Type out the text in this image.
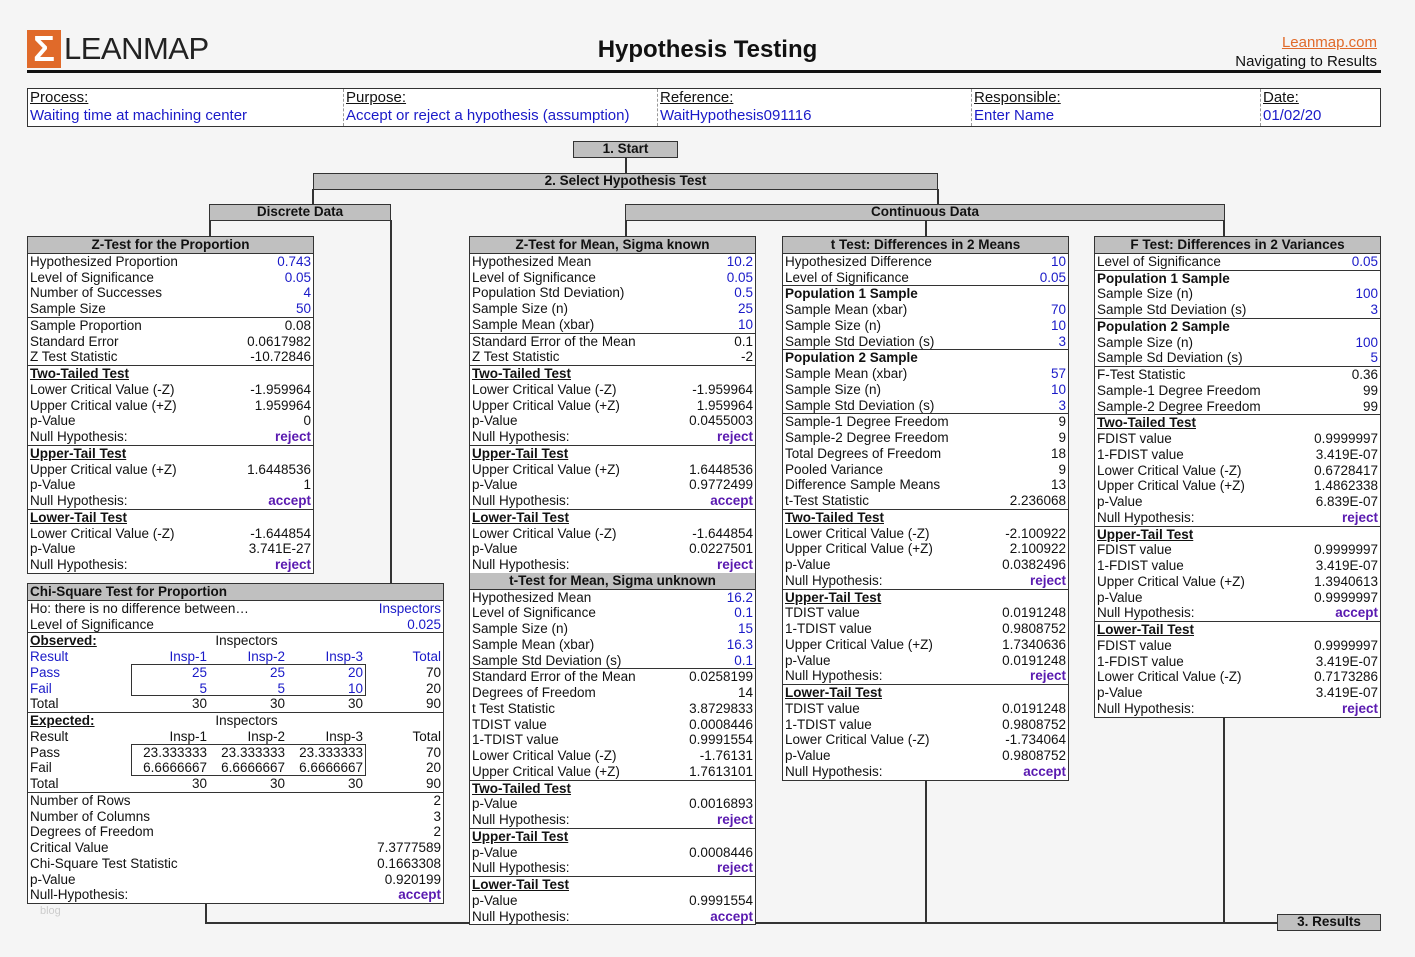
Σ LEANMAP	Hypothesis Testing	Leanmap.com
Navigating to Results
Process:
Waiting time at machining center
Purpose:
Accept or reject a hypothesis (assumption)
Reference:
WaitHypothesis091116
Responsible:
Enter Name
Date:
01/02/20
1. Start
2. Select Hypothesis Test
Discrete Data	Continuous Data
3. Results
Z-Test for the Proportion
Hypothesized Proportion	0.743
Level of Significance	0.05
Number of Successes	4
Sample Size	50
Sample Proportion	0.08
Standard Error	0.0617982
Z Test Statistic	-10.72846
Two-Tailed Test
Lower Critical Value (-Z)	-1.959964
Upper Critical value (+Z)	1.959964
p-Value	0
Null Hypothesis:	reject
Upper-Tail Test
Upper Critical value (+Z)	1.6448536
p-Value	1
Null Hypothesis:	accept
Lower-Tail Test
Lower Critical Value (-Z)	-1.644854
p-Value	3.741E-27
Null Hypothesis:	reject
Z-Test for Mean, Sigma known
Hypothesized Mean	10.2
Level of Significance	0.05
Population Std Deviation)	0.5
Sample Size (n)	25
Sample Mean (xbar)	10
Standard Error of the Mean	0.1
Z Test Statistic	-2
Two-Tailed Test
Lower Critical Value (-Z)	-1.959964
Upper Critical Value (+Z)	1.959964
p-Value	0.0455003
Null Hypothesis:	reject
Upper-Tail Test
Upper Critical Value (+Z)	1.6448536
p-Value	0.9772499
Null Hypothesis:	accept
Lower-Tail Test
Lower Critical Value (-Z)	-1.644854
p-Value	0.0227501
Null Hypothesis:	reject
t-Test for Mean, Sigma unknown
Hypothesized Mean	16.2
Level of Significance	0.1
Sample Size (n)	15
Sample Mean (xbar)	16.3
Sample Std Deviation (s)	0.1
Standard Error of the Mean	0.0258199
Degrees of Freedom	14
t Test Statistic	3.8729833
TDIST value	0.0008446
1-TDIST value	0.9991554
Lower Critical Value (-Z)	-1.76131
Upper Critical Value (+Z)	1.7613101
Two-Tailed Test
p-Value	0.0016893
Null Hypothesis:	reject
Upper-Tail Test
p-Value	0.0008446
Null Hypothesis:	reject
Lower-Tail Test
p-Value	0.9991554
Null Hypothesis:	accept
t Test: Differences in 2 Means
Hypothesized Difference	10
Level of Significance	0.05
Population 1 Sample
Sample Mean (xbar)	70
Sample Size (n)	10
Sample Std Deviation (s)	3
Population 2 Sample
Sample Mean (xbar)	57
Sample Size (n)	10
Sample Std Deviation (s)	3
Sample-1 Degree Freedom	9
Sample-2 Degree Freedom	9
Total Degrees of Freedom	18
Pooled Variance	9
Difference Sample Means	13
t-Test Statistic	2.236068
Two-Tailed Test
Lower Critical Value (-Z)	-2.100922
Upper Critical Value (+Z)	2.100922
p-Value	0.0382496
Null Hypothesis:	reject
Upper-Tail Test
TDIST value	0.0191248
1-TDIST value	0.9808752
Upper Critical Value (+Z)	1.7340636
p-Value	0.0191248
Null Hypothesis:	reject
Lower-Tail Test
TDIST value	0.0191248
1-TDIST value	0.9808752
Lower Critical Value (-Z)	-1.734064
p-Value	0.9808752
Null Hypothesis:	accept
F Test: Differences in 2 Variances
Level of Significance	0.05
Population 1 Sample
Sample Size (n)	100
Sample Std Deviation (s)	3
Population 2 Sample
Sample Size (n)	100
Sample Sd Deviation (s)	5
F-Test Statistic	0.36
Sample-1 Degree Freedom	99
Sample-2 Degree Freedom	99
Two-Tailed Test
FDIST value	0.9999997
1-FDIST value	3.419E-07
Lower Critical Value (-Z)	0.6728417
Upper Critical Value (+Z)	1.4862338
p-Value	6.839E-07
Null Hypothesis:	reject
Upper-Tail Test
FDIST value	0.9999997
1-FDIST value	3.419E-07
Upper Critical Value (+Z)	1.3940613
p-Value	0.9999997
Null Hypothesis:	accept
Lower-Tail Test
FDIST value	0.9999997
1-FDIST value	3.419E-07
Lower Critical Value (-Z)	0.7173286
p-Value	3.419E-07
Null Hypothesis:	reject
Chi-Square Test for Proportion
Ho: there is no difference between…	Inspectors
Level of Significance	0.025
Observed:	Inspectors
Result	Insp-1	Insp-2	Insp-3	Total
Pass	25	25	20	70
Fail	5	5	10	20
Total	30	30	30	90
Expected:	Inspectors
Result	Insp-1	Insp-2	Insp-3	Total
Pass	23.333333	23.333333	23.333333	70
Fail	6.6666667	6.6666667	6.6666667	20
Total	30	30	30	90
Number of Rows	2
Number of Columns	3
Degrees of Freedom	2
Critical Value	7.3777589
Chi-Square Test Statistic	0.1663308
p-Value	0.920199
Null-Hypothesis:	accept
blog
